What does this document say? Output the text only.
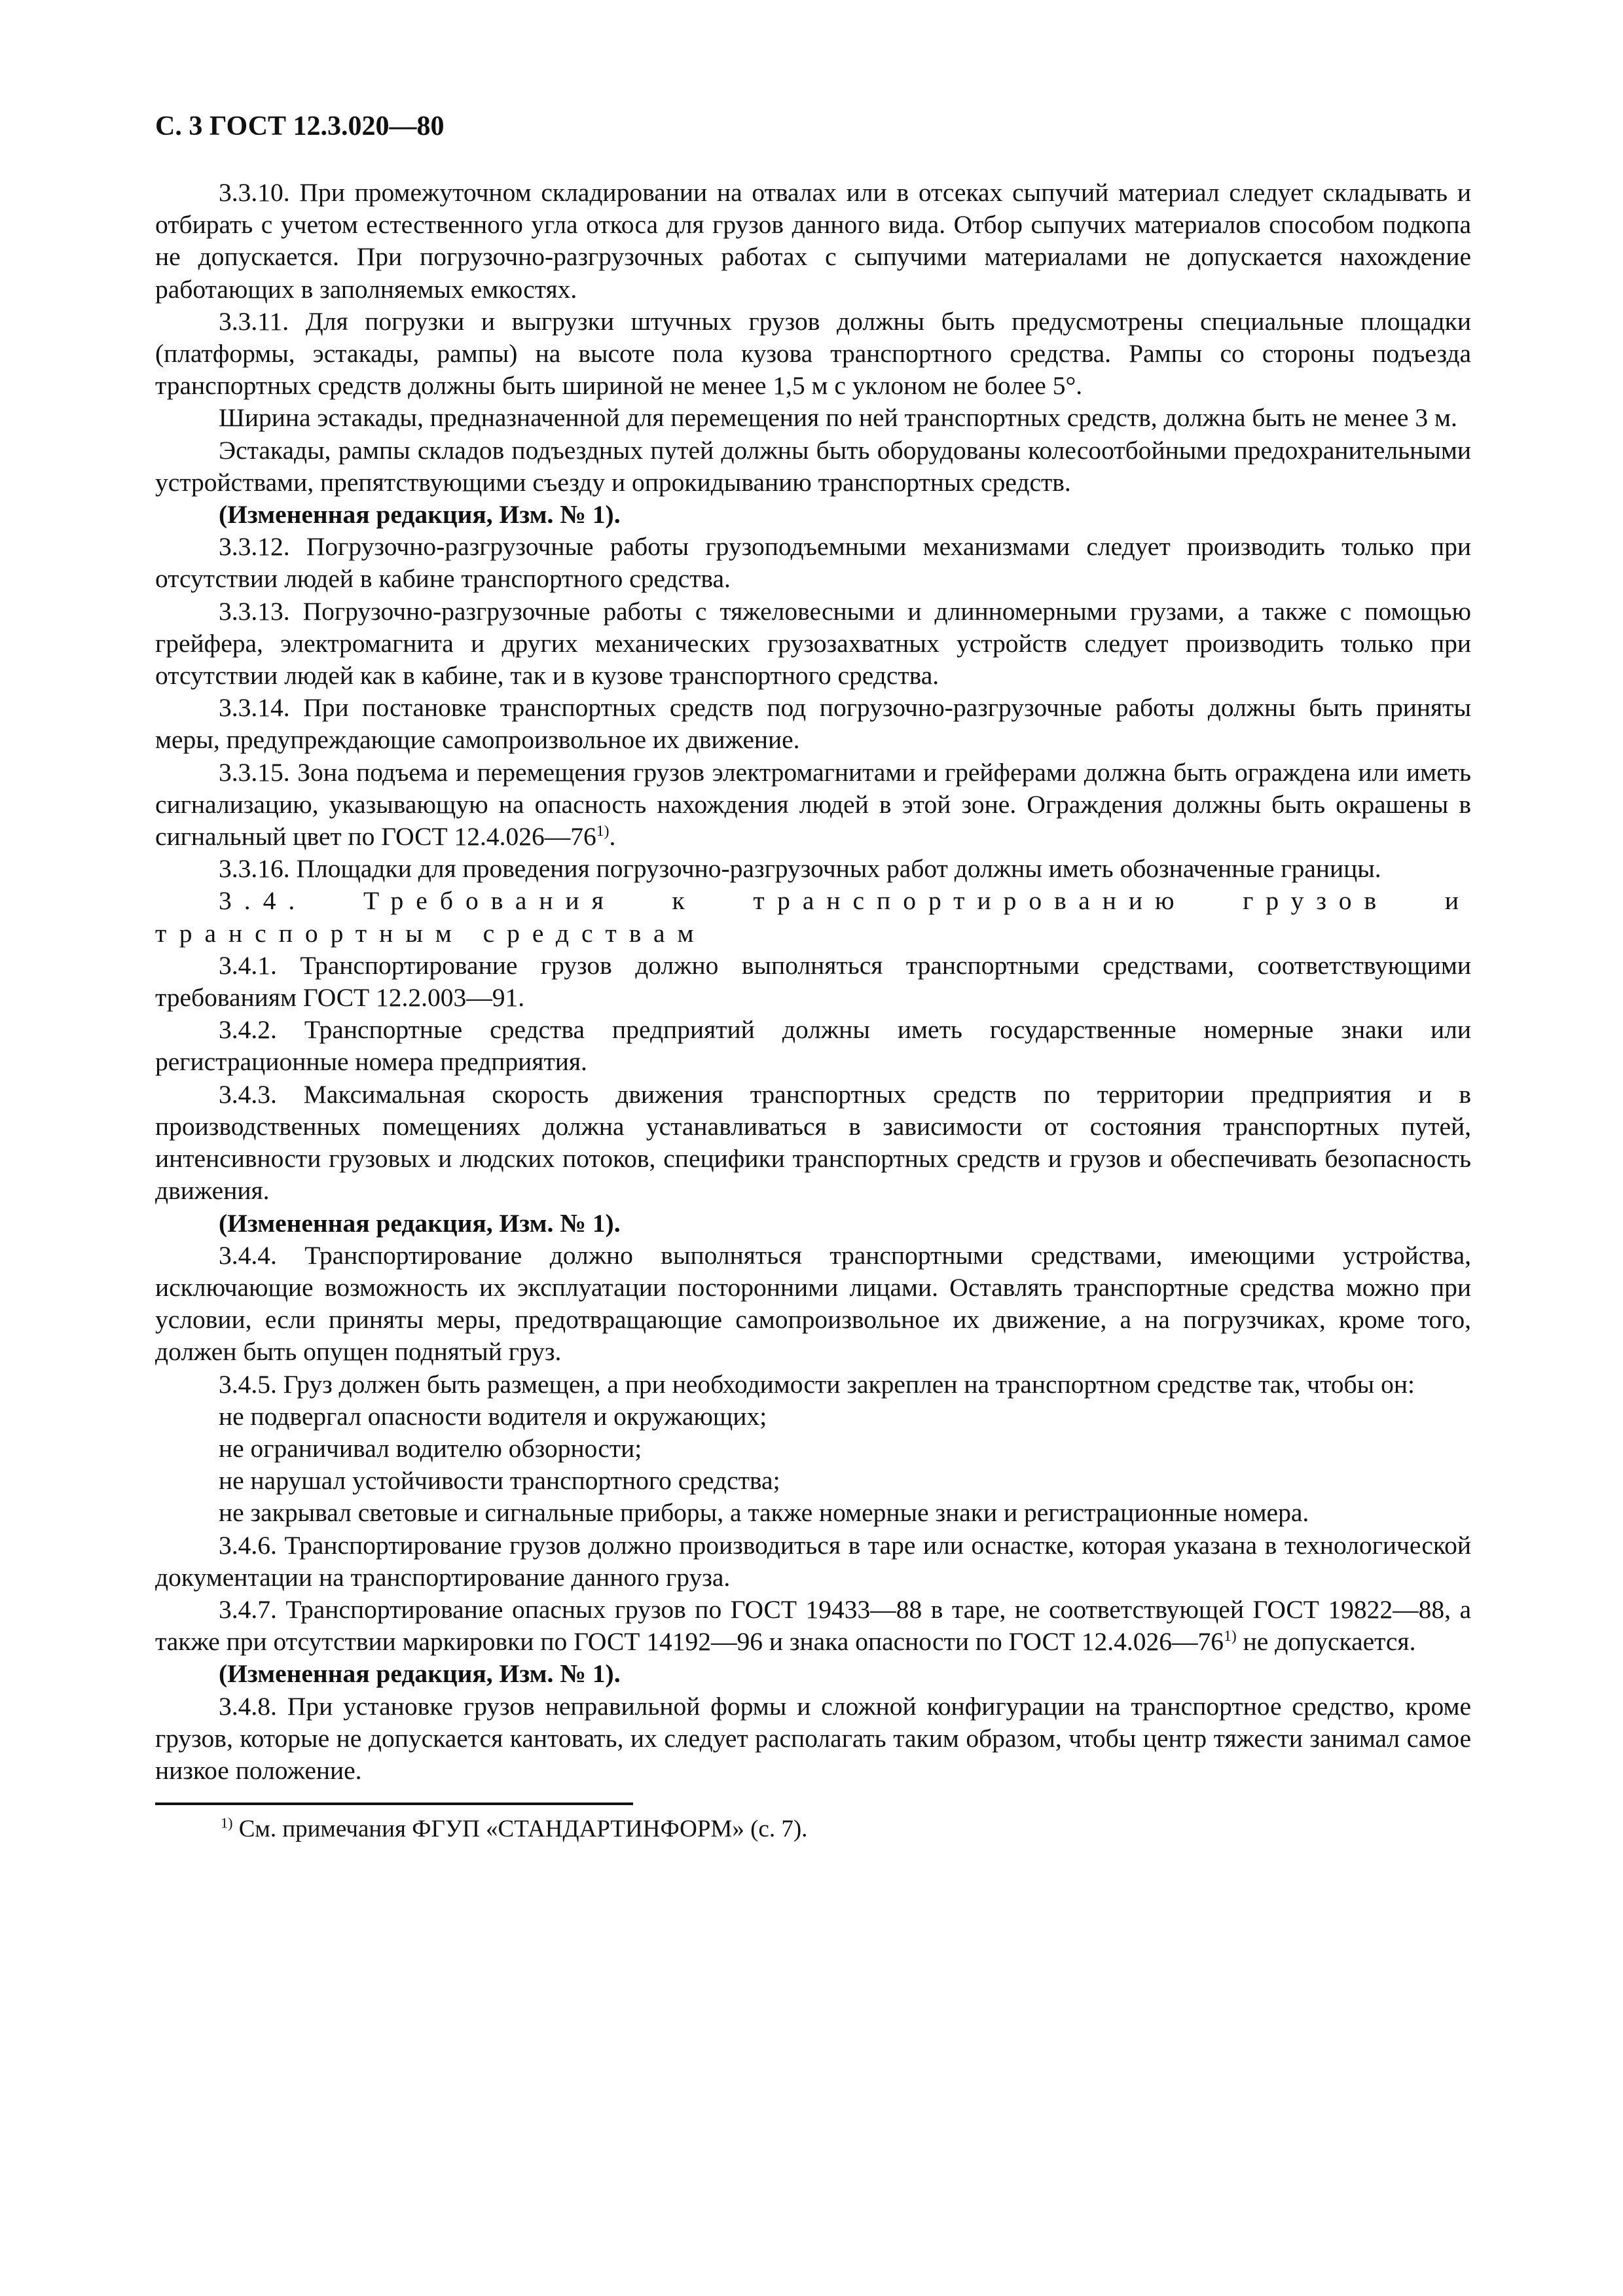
С. 3 ГОСТ 12.3.020—80

3.3.10. При промежуточном складировании на отвалах или в отсеках сыпучий материал следует складывать и отбирать с учетом естественного угла откоса для грузов данного вида. Отбор сыпучих материалов способом подкопа не допускается. При погрузочно-разгрузочных работах с сыпучими материалами не допускается нахождение работающих в заполняемых емкостях.

3.3.11. Для погрузки и выгрузки штучных грузов должны быть предусмотрены специальные площадки (платформы, эстакады, рампы) на высоте пола кузова транспортного средства. Рампы со стороны подъезда транспортных средств должны быть шириной не менее 1,5 м с уклоном не более 5°.

Ширина эстакады, предназначенной для перемещения по ней транспортных средств, должна быть не менее 3 м.

Эстакады, рампы складов подъездных путей должны быть оборудованы колесоотбойными предохранительными устройствами, препятствующими съезду и опрокидыванию транспортных средств.

(Измененная редакция, Изм. № 1).

3.3.12. Погрузочно-разгрузочные работы грузоподъемными механизмами следует производить только при отсутствии людей в кабине транспортного средства.

3.3.13. Погрузочно-разгрузочные работы с тяжеловесными и длинномерными грузами, а также с помощью грейфера, электромагнита и других механических грузозахватных устройств следует производить только при отсутствии людей как в кабине, так и в кузове транспортного средства.

3.3.14. При постановке транспортных средств под погрузочно-разгрузочные работы должны быть приняты меры, предупреждающие самопроизвольное их движение.

3.3.15. Зона подъема и перемещения грузов электромагнитами и грейферами должна быть ограждена или иметь сигнализацию, указывающую на опасность нахождения людей в этой зоне. Ограждения должны быть окрашены в сигнальный цвет по ГОСТ 12.4.026—76$^{1)}$.

3.3.16. Площадки для проведения погрузочно-разгрузочных работ должны иметь обозначенные границы.

3.4. Требования к транспортированию грузов и транспортным средствам

3.4.1. Транспортирование грузов должно выполняться транспортными средствами, соответствующими требованиям ГОСТ 12.2.003—91.

3.4.2. Транспортные средства предприятий должны иметь государственные номерные знаки или регистрационные номера предприятия.

3.4.3. Максимальная скорость движения транспортных средств по территории предприятия и в производственных помещениях должна устанавливаться в зависимости от состояния транспортных путей, интенсивности грузовых и людских потоков, специфики транспортных средств и грузов и обеспечивать безопасность движения.

(Измененная редакция, Изм. № 1).

3.4.4. Транспортирование должно выполняться транспортными средствами, имеющими устройства, исключающие возможность их эксплуатации посторонними лицами. Оставлять транспортные средства можно при условии, если приняты меры, предотвращающие самопроизвольное их движение, а на погрузчиках, кроме того, должен быть опущен поднятый груз.

3.4.5. Груз должен быть размещен, а при необходимости закреплен на транспортном средстве так, чтобы он:

не подвергал опасности водителя и окружающих;

не ограничивал водителю обзорности;

не нарушал устойчивости транспортного средства;

не закрывал световые и сигнальные приборы, а также номерные знаки и регистрационные номера.

3.4.6. Транспортирование грузов должно производиться в таре или оснастке, которая указана в технологической документации на транспортирование данного груза.

3.4.7. Транспортирование опасных грузов по ГОСТ 19433—88 в таре, не соответствующей ГОСТ 19822—88, а также при отсутствии маркировки по ГОСТ 14192—96 и знака опасности по ГОСТ 12.4.026—76$^{1)}$ не допускается.

(Измененная редакция, Изм. № 1).

3.4.8. При установке грузов неправильной формы и сложной конфигурации на транспортное средство, кроме грузов, которые не допускается кантовать, их следует располагать таким образом, чтобы центр тяжести занимал самое низкое положение.

$^{1)}$ См. примечания ФГУП «СТАНДАРТИНФОРМ» (с. 7).
